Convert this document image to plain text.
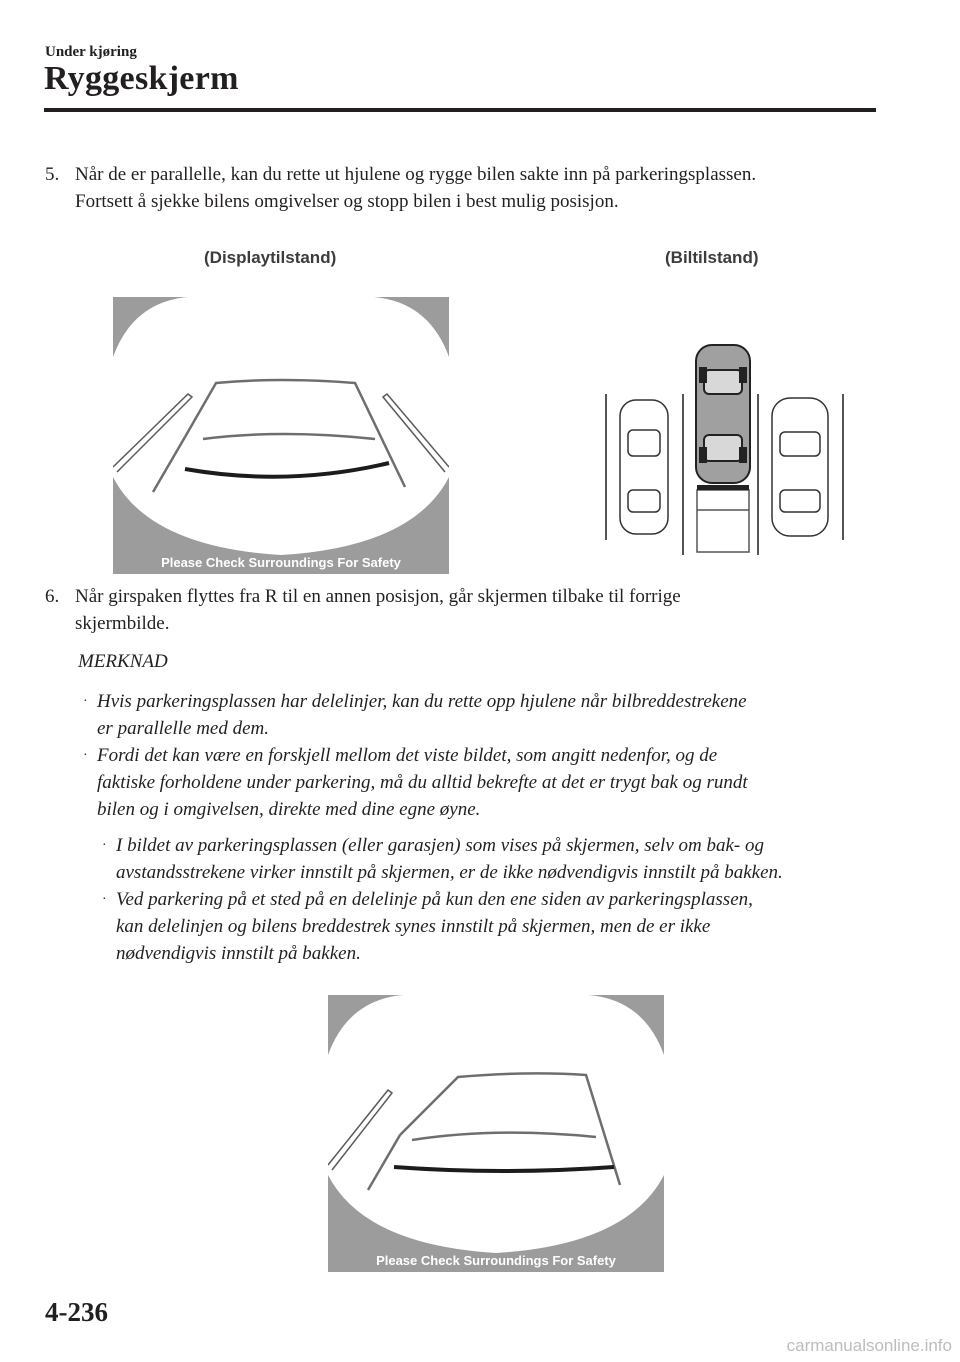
Under kjøring
Ryggeskjerm
5. Når de er parallelle, kan du rette ut hjulene og rygge bilen sakte inn på parkeringsplassen.
Fortsett å sjekke bilens omgivelser og stopp bilen i best mulig posisjon.
(Displaytilstand)	(Biltilstand)
Please Check Surroundings For Safety
6. Når girspaken flyttes fra R til en annen posisjon, går skjermen tilbake til forrige
skjermbilde.
MERKNAD
· Hvis parkeringsplassen har delelinjer, kan du rette opp hjulene når bilbreddestrekene
er parallelle med dem.
· Fordi det kan være en forskjell mellom det viste bildet, som angitt nedenfor, og de
faktiske forholdene under parkering, må du alltid bekrefte at det er trygt bak og rundt
bilen og i omgivelsen, direkte med dine egne øyne.
· I bildet av parkeringsplassen (eller garasjen) som vises på skjermen, selv om bak- og
avstandsstrekene virker innstilt på skjermen, er de ikke nødvendigvis innstilt på bakken.
· Ved parkering på et sted på en delelinje på kun den ene siden av parkeringsplassen,
kan delelinjen og bilens breddestrek synes innstilt på skjermen, men de er ikke
nødvendigvis innstilt på bakken.
Please Check Surroundings For Safety
4-236
carmanualsonline.info
